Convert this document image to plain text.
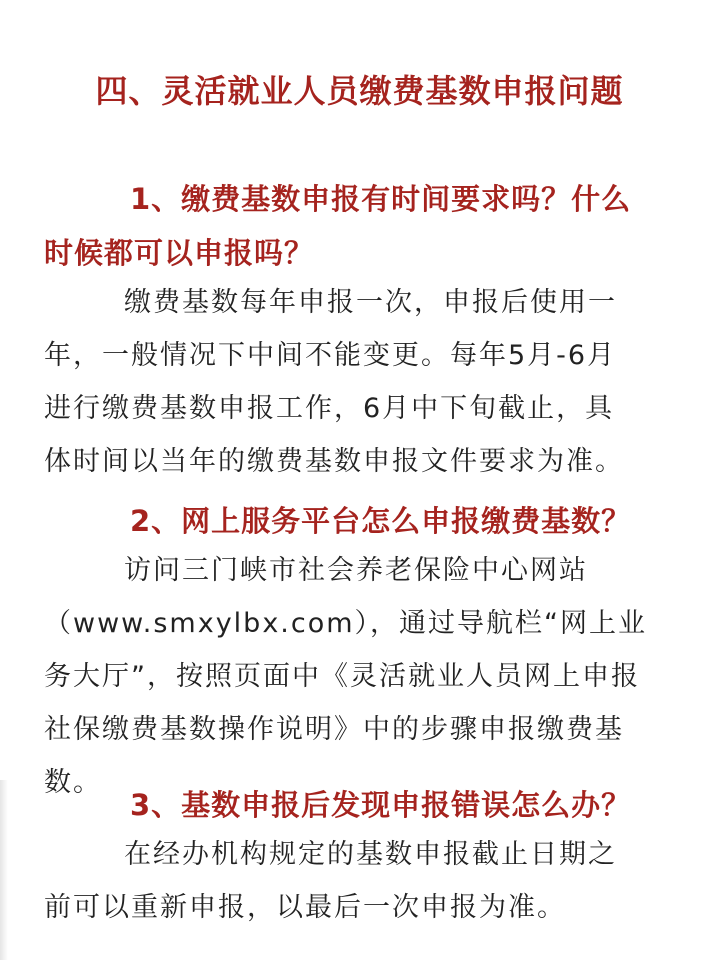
四、灵活就业人员缴费基数申报问题
1、缴费基数申报有时间要求吗？什么
时候都可以申报吗？
缴费基数每年申报一次，申报后使用一
年，一般情况下中间不能变更。每年5月-6月
进行缴费基数申报工作，6月中下旬截止，具
体时间以当年的缴费基数申报文件要求为准。
2、网上服务平台怎么申报缴费基数？
访问三门峡市社会养老保险中心网站
（www.smxylbx.com），通过导航栏“网上业
务大厅”，按照页面中《灵活就业人员网上申报
社保缴费基数操作说明》中的步骤申报缴费基
数。
3、基数申报后发现申报错误怎么办？
在经办机构规定的基数申报截止日期之
前可以重新申报，以最后一次申报为准。
